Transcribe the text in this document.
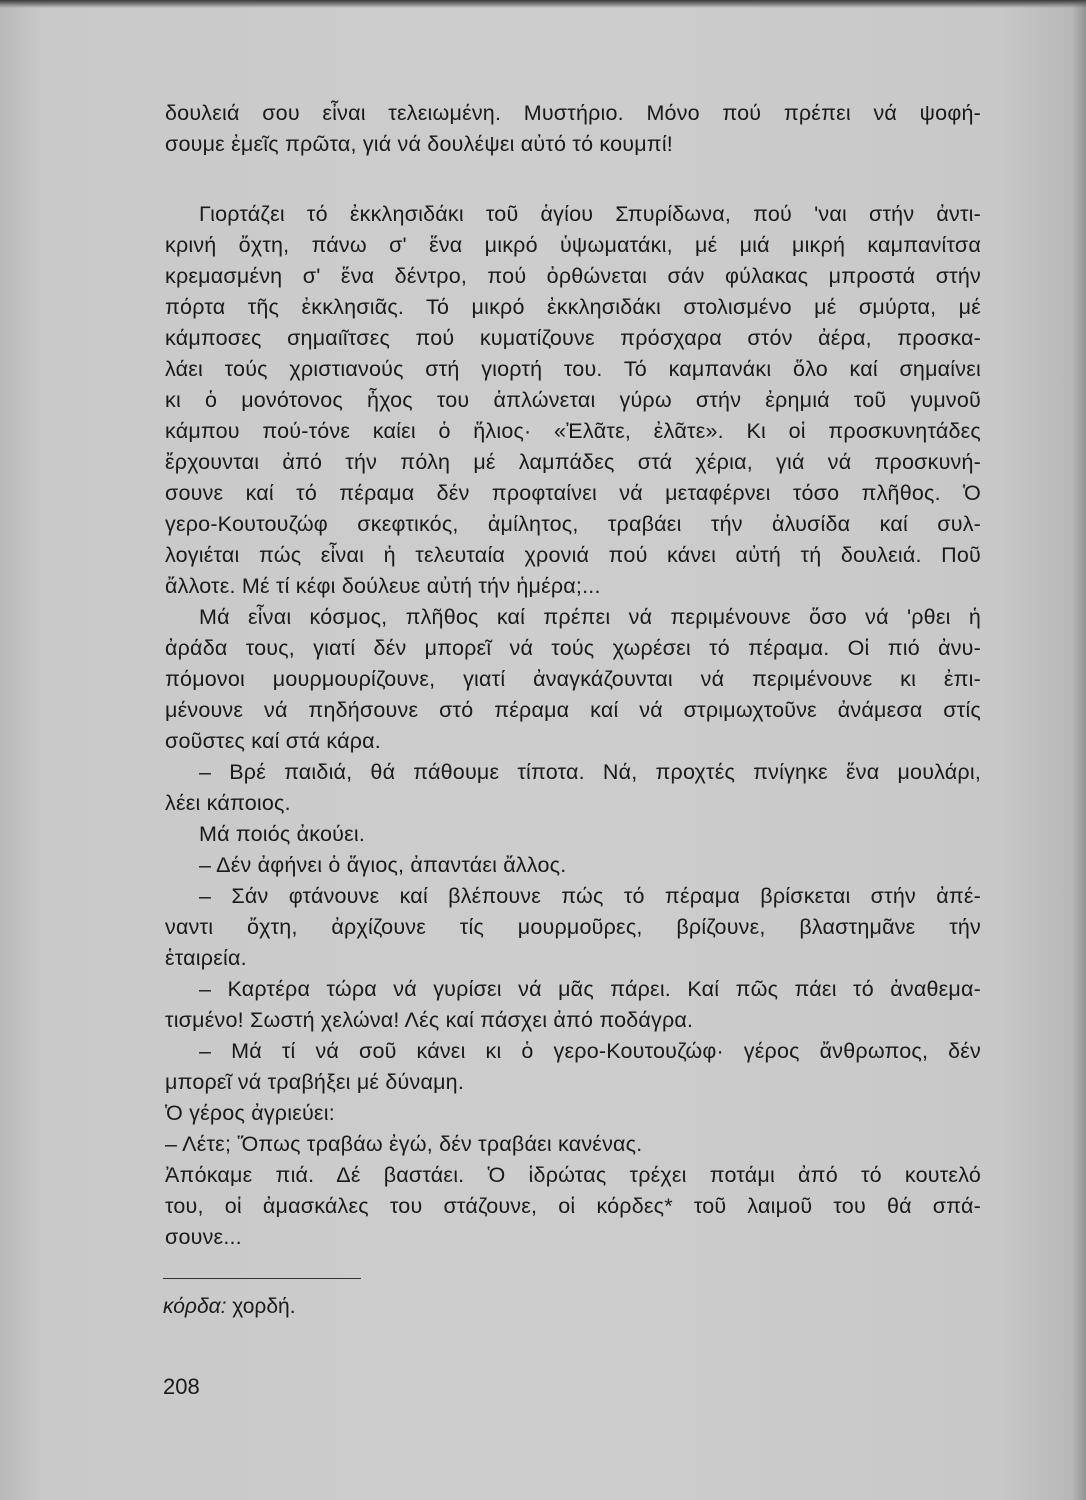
δουλειά σου εἶναι τελειωμένη. Μυστήριο. Μόνο πού πρέπει νά ψοφή-
σουμε ἐμεῖς πρῶτα, γιά νά δουλέψει αὐτό τό κουμπί!
Γιορτάζει τό ἐκκλησιδάκι τοῦ ἁγίου Σπυρίδωνα, πού 'ναι στήν ἀντι-
κρινή ὄχτη, πάνω σ' ἕνα μικρό ὑψωματάκι, μέ μιά μικρή καμπανίτσα
κρεμασμένη σ' ἕνα δέντρο, πού ὀρθώνεται σάν φύλακας μπροστά στήν
πόρτα τῆς ἐκκλησιᾶς. Τό μικρό ἐκκλησιδάκι στολισμένο μέ σμύρτα, μέ
κάμποσες σημαιῖτσες πού κυματίζουνε πρόσχαρα στόν ἀέρα, προσκα-
λάει τούς χριστιανούς στή γιορτή του. Τό καμπανάκι ὅλο καί σημαίνει
κι ὁ μονότονος ἦχος του ἁπλώνεται γύρω στήν ἐρημιά τοῦ γυμνοῦ
κάμπου πού-τόνε καίει ὁ ἥλιος· «Ἐλᾶτε, ἐλᾶτε». Κι οἱ προσκυνητάδες
ἔρχουνται ἀπό τήν πόλη μέ λαμπάδες στά χέρια, γιά νά προσκυνή-
σουνε καί τό πέραμα δέν προφταίνει νά μεταφέρνει τόσο πλῆθος. Ὁ
γερο-Κουτουζώφ σκεφτικός, ἀμίλητος, τραβάει τήν ἁλυσίδα καί συλ-
λογιέται πώς εἶναι ἡ τελευταία χρονιά πού κάνει αὐτή τή δουλειά. Ποῦ
ἄλλοτε. Μέ τί κέφι δούλευε αὐτή τήν ἡμέρα;...
Μά εἶναι κόσμος, πλῆθος καί πρέπει νά περιμένουνε ὅσο νά 'ρθει ἡ
ἀράδα τους, γιατί δέν μπορεῖ νά τούς χωρέσει τό πέραμα. Οἱ πιό ἀνυ-
πόμονοι μουρμουρίζουνε, γιατί ἀναγκάζουνται νά περιμένουνε κι ἐπι-
μένουνε νά πηδήσουνε στό πέραμα καί νά στριμωχτοῦνε ἀνάμεσα στίς
σοῦστες καί στά κάρα.
– Βρέ παιδιά, θά πάθουμε τίποτα. Νά, προχτές πνίγηκε ἕνα μουλάρι,
λέει κάποιος.
Μά ποιός ἀκούει.
– Δέν ἀφήνει ὁ ἅγιος, ἀπαντάει ἄλλος.
– Σάν φτάνουνε καί βλέπουνε πώς τό πέραμα βρίσκεται στήν ἀπέ-
ναντι ὄχτη, ἀρχίζουνε τίς μουρμοῦρες, βρίζουνε, βλαστημᾶνε τήν
ἑταιρεία.
– Καρτέρα τώρα νά γυρίσει νά μᾶς πάρει. Καί πῶς πάει τό ἀναθεμα-
τισμένο! Σωστή χελώνα! Λές καί πάσχει ἀπό ποδάγρα.
– Μά τί νά σοῦ κάνει κι ὁ γερο-Κουτουζώφ· γέρος ἄνθρωπος, δέν
μπορεῖ νά τραβήξει μέ δύναμη.
Ὁ γέρος ἀγριεύει:
– Λέτε; Ὅπως τραβάω ἐγώ, δέν τραβάει κανένας.
Ἀπόκαμε πιά. Δέ βαστάει. Ὁ ἱδρώτας τρέχει ποτάμι ἀπό τό κουτελό
του, οἱ ἀμασκάλες του στάζουνε, οἱ κόρδες* τοῦ λαιμοῦ του θά σπά-
σουνε...
κόρδα: χορδή.
208
